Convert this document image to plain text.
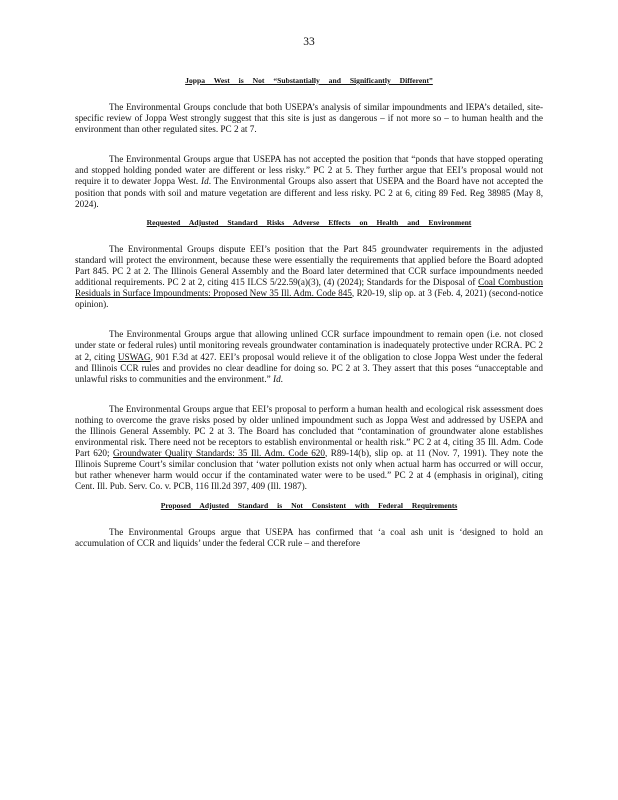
33
Joppa West is Not “Substantially and Significantly Different”

The Environmental Groups conclude that both USEPA’s analysis of similar impoundments and IEPA’s detailed, site-specific review of Joppa West strongly suggest that this site is just as dangerous – if not more so – to human health and the environment than other regulated sites. PC 2 at 7.

The Environmental Groups argue that USEPA has not accepted the position that “ponds that have stopped operating and stopped holding ponded water are different or less risky.” PC 2 at 5. They further argue that EEI’s proposal would not require it to dewater Joppa West. Id. The Environmental Groups also assert that USEPA and the Board have not accepted the position that ponds with soil and mature vegetation are different and less risky. PC 2 at 6, citing 89 Fed. Reg 38985 (May 8, 2024).

Requested Adjusted Standard Risks Adverse Effects on Health and Environment

The Environmental Groups dispute EEI’s position that the Part 845 groundwater requirements in the adjusted standard will protect the environment, because these were essentially the requirements that applied before the Board adopted Part 845. PC 2 at 2. The Illinois General Assembly and the Board later determined that CCR surface impoundments needed additional requirements. PC 2 at 2, citing 415 ILCS 5/22.59(a)(3), (4) (2024); Standards for the Disposal of Coal Combustion Residuals in Surface Impoundments: Proposed New 35 Ill. Adm. Code 845, R20-19, slip op. at 3 (Feb. 4, 2021) (second-notice opinion).

The Environmental Groups argue that allowing unlined CCR surface impoundment to remain open (i.e. not closed under state or federal rules) until monitoring reveals groundwater contamination is inadequately protective under RCRA. PC 2 at 2, citing USWAG, 901 F.3d at 427. EEI’s proposal would relieve it of the obligation to close Joppa West under the federal and Illinois CCR rules and provides no clear deadline for doing so. PC 2 at 3. They assert that this poses “unacceptable and unlawful risks to communities and the environment.” Id.

The Environmental Groups argue that EEI’s proposal to perform a human health and ecological risk assessment does nothing to overcome the grave risks posed by older unlined impoundment such as Joppa West and addressed by USEPA and the Illinois General Assembly. PC 2 at 3. The Board has concluded that “contamination of groundwater alone establishes environmental risk. There need not be receptors to establish environmental or health risk.” PC 2 at 4, citing 35 Ill. Adm. Code Part 620; Groundwater Quality Standards: 35 Ill. Adm. Code 620, R89-14(b), slip op. at 11 (Nov. 7, 1991). They note the Illinois Supreme Court’s similar conclusion that ‘water pollution exists not only when actual harm has occurred or will occur, but rather whenever harm would occur if the contaminated water were to be used.” PC 2 at 4 (emphasis in original), citing Cent. Ill. Pub. Serv. Co. v. PCB, 116 Ill.2d 397, 409 (Ill. 1987).

Proposed Adjusted Standard is Not Consistent with Federal Requirements

The Environmental Groups argue that USEPA has confirmed that ‘a coal ash unit is ‘designed to hold an accumulation of CCR and liquids’ under the federal CCR rule – and therefore
